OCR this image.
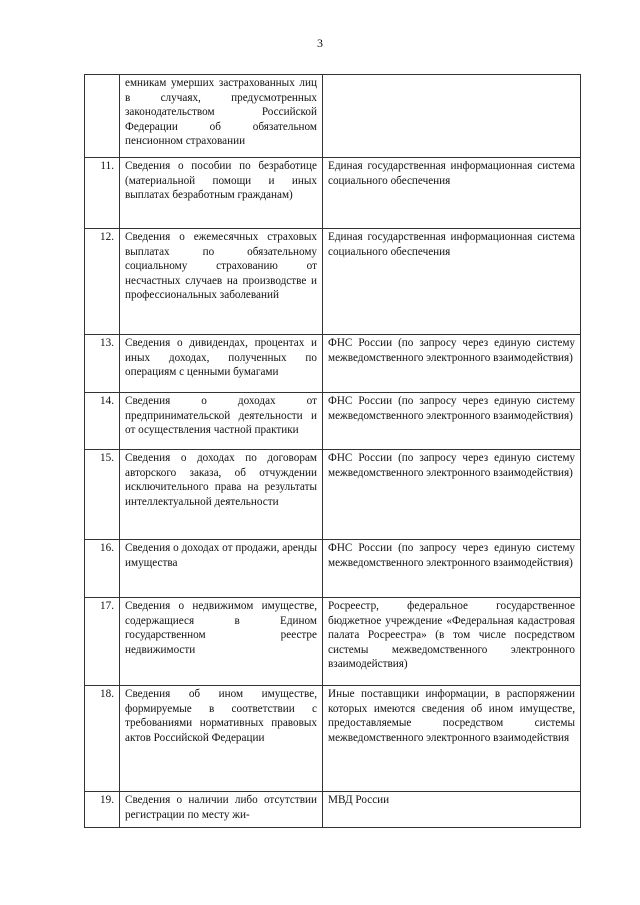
3
	емникам умерших застрахованных лиц в случаях, предусмотренных законодательством Российской Федерации об обязательном пенсионном страховании	
11.	Сведения о пособии по безработице (материальной помощи и иных выплатах безработным гражданам)	Единая государственная информационная система социального обеспечения
12.	Сведения о ежемесячных страховых выплатах по обязательному социальному страхованию от несчастных случаев на производстве и профессиональных заболеваний	Единая государственная информационная система социального обеспечения
13.	Сведения о дивидендах, процентах и иных доходах, полученных по операциям с ценными бумагами	ФНС России (по запросу через единую систему межведомственного электронного взаимодействия)
14.	Сведения о доходах от предпринимательской деятельности и от осуществления частной практики	ФНС России (по запросу через единую систему межведомственного электронного взаимодействия)
15.	Сведения о доходах по договорам авторского заказа, об отчуждении исключительного права на результаты интеллектуальной деятельности	ФНС России (по запросу через единую систему межведомственного электронного взаимодействия)
16.	Сведения о доходах от продажи, аренды имущества	ФНС России (по запросу через единую систему межведомственного электронного взаимодействия)
17.	Сведения о недвижимом имуществе, содержащиеся в Едином государственном реестре недвижимости	Росреестр, федеральное государственное бюджетное учреждение «Федеральная кадастровая палата Росреестра» (в том числе посредством системы межведомственного электронного взаимодействия)
18.	Сведения об ином имуществе, формируемые в соответствии с требованиями нормативных правовых актов Российской Федерации	Иные поставщики информации, в распоряжении которых имеются сведения об ином имуществе, предоставляемые посредством системы межведомственного электронного взаимодействия
19.	Сведения о наличии либо отсутствии регистрации по месту жи-	МВД России
